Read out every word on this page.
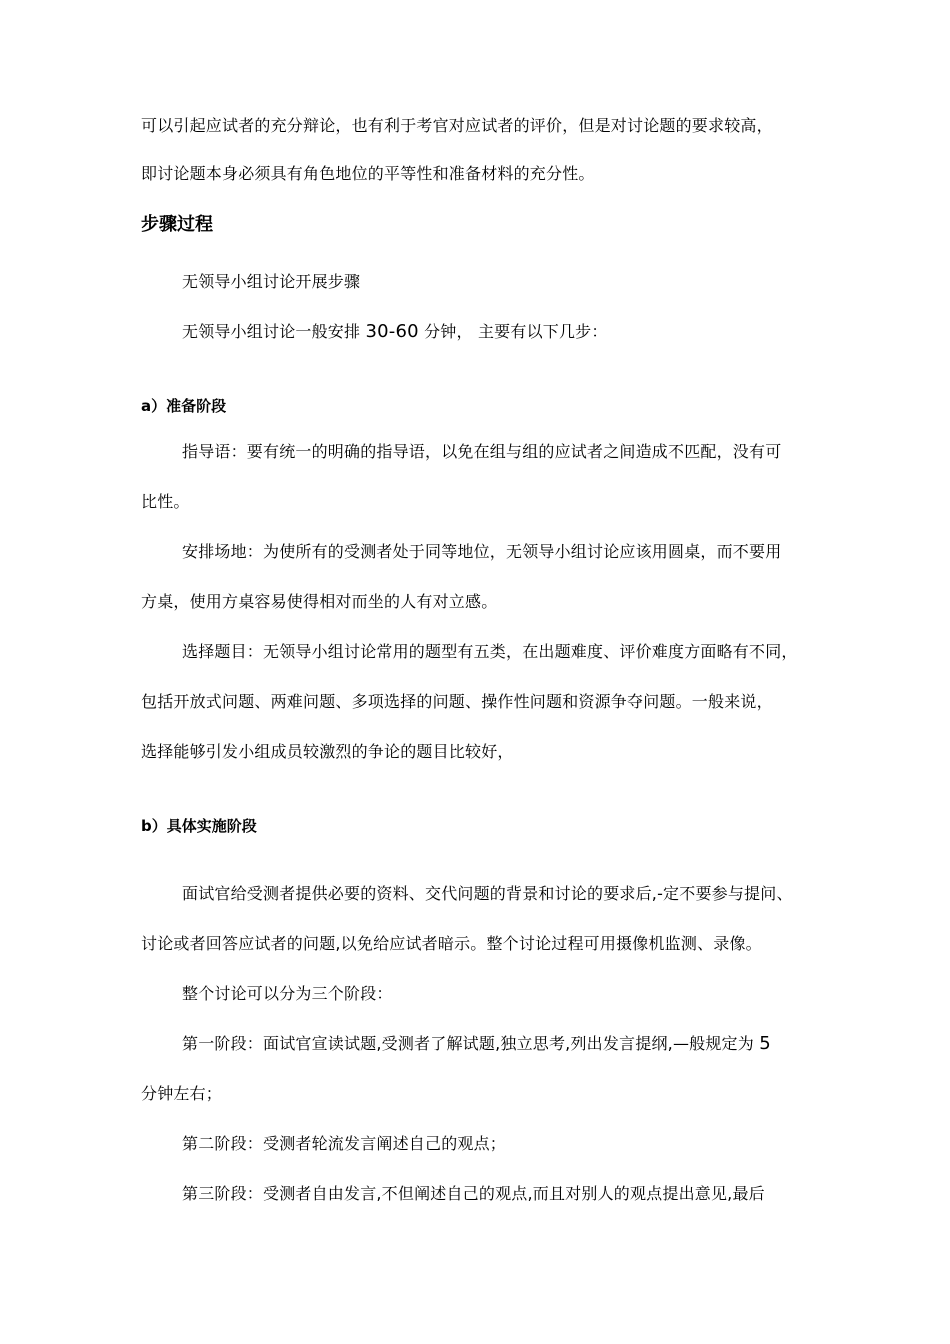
可以引起应试者的充分辩论，也有利于考官对应试者的评价，但是对讨论题的要求较高，
即讨论题本身必须具有角色地位的平等性和准备材料的充分性。
步骤过程
无领导小组讨论开展步骤
无领导小组讨论一般安排 30-60 分钟， 主要有以下几步：
a）准备阶段
指导语：要有统一的明确的指导语，以免在组与组的应试者之间造成不匹配，没有可
比性。
安排场地：为使所有的受测者处于同等地位，无领导小组讨论应该用圆桌，而不要用
方桌，使用方桌容易使得相对而坐的人有对立感。
选择题目：无领导小组讨论常用的题型有五类，在出题难度、评价难度方面略有不同，
包括开放式问题、两难问题、多项选择的问题、操作性问题和资源争夺问题。一般来说，
选择能够引发小组成员较激烈的争论的题目比较好，
b）具体实施阶段
面试官给受测者提供必要的资料、交代问题的背景和讨论的要求后,-定不要参与提问、
讨论或者回答应试者的问题,以免给应试者暗示。整个讨论过程可用摄像机监测、录像。
整个讨论可以分为三个阶段：
第一阶段：面试官宣读试题,受测者了解试题,独立思考,列出发言提纲,—般规定为 5
分钟左右；
第二阶段：受测者轮流发言阐述自己的观点；
第三阶段：受测者自由发言,不但阐述自己的观点,而且对别人的观点提出意见,最后
